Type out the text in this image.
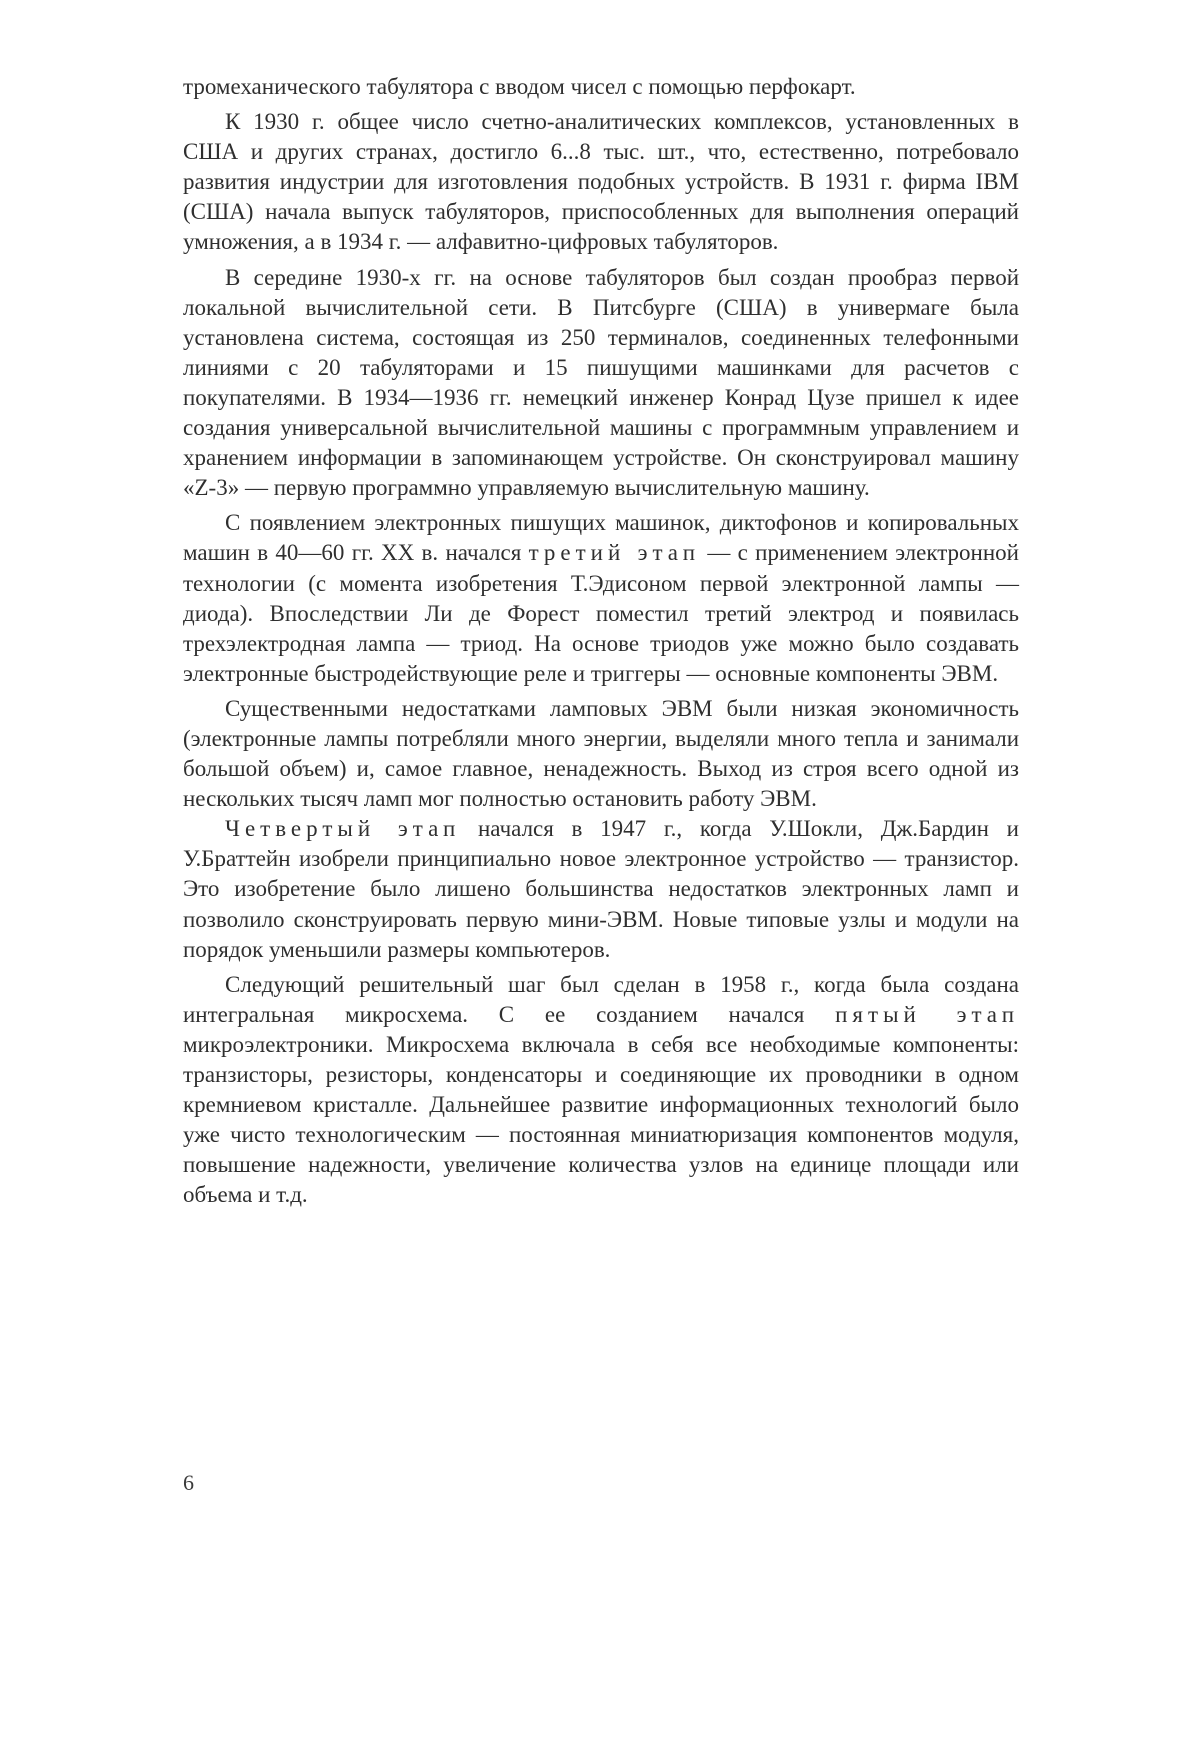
тромеханического табулятора с вводом чисел с помощью перфокарт.

К 1930 г. общее число счетно-аналитических комплексов, установленных в США и других странах, достигло 6...8 тыс. шт., что, естественно, потребовало развития индустрии для изготовления подобных устройств. В 1931 г. фирма IBM (США) начала выпуск табуляторов, приспособленных для выполнения операций умножения, а в 1934 г. — алфавитно-цифровых табуляторов.

В середине 1930-х гг. на основе табуляторов был создан прообраз первой локальной вычислительной сети. В Питсбурге (США) в универмаге была установлена система, состоящая из 250 терминалов, соединенных телефонными линиями с 20 табуляторами и 15 пишущими машинками для расчетов с покупателями. В 1934—1936 гг. немецкий инженер Конрад Цузе пришел к идее создания универсальной вычислительной машины с программным управлением и хранением информации в запоминающем устройстве. Он сконструировал машину «Z-3» — первую программно управляемую вычислительную машину.

С появлением электронных пишущих машинок, диктофонов и копировальных машин в 40—60 гг. XX в. начался третий этап — с применением электронной технологии (с момента изобретения Т.Эдисоном первой электронной лампы — диода). Впоследствии Ли де Форест поместил третий электрод и появилась трехэлектродная лампа — триод. На основе триодов уже можно было создавать электронные быстродействующие реле и триггеры — основные компоненты ЭВМ.

Существенными недостатками ламповых ЭВМ были низкая экономичность (электронные лампы потребляли много энергии, выделяли много тепла и занимали большой объем) и, самое главное, ненадежность. Выход из строя всего одной из нескольких тысяч ламп мог полностью остановить работу ЭВМ.

Четвертый этап начался в 1947 г., когда У.Шокли, Дж.Бардин и У.Браттейн изобрели принципиально новое электронное устройство — транзистор. Это изобретение было лишено большинства недостатков электронных ламп и позволило сконструировать первую мини-ЭВМ. Новые типовые узлы и модули на порядок уменьшили размеры компьютеров.

Следующий решительный шаг был сделан в 1958 г., когда была создана интегральная микросхема. С ее созданием начался пятый этап микроэлектроники. Микросхема включала в себя все необходимые компоненты: транзисторы, резисторы, конденсаторы и соединяющие их проводники в одном кремниевом кристалле. Дальнейшее развитие информационных технологий было уже чисто технологическим — постоянная миниатюризация компонентов модуля, повышение надежности, увеличение количества узлов на единице площади или объема и т.д.

6
